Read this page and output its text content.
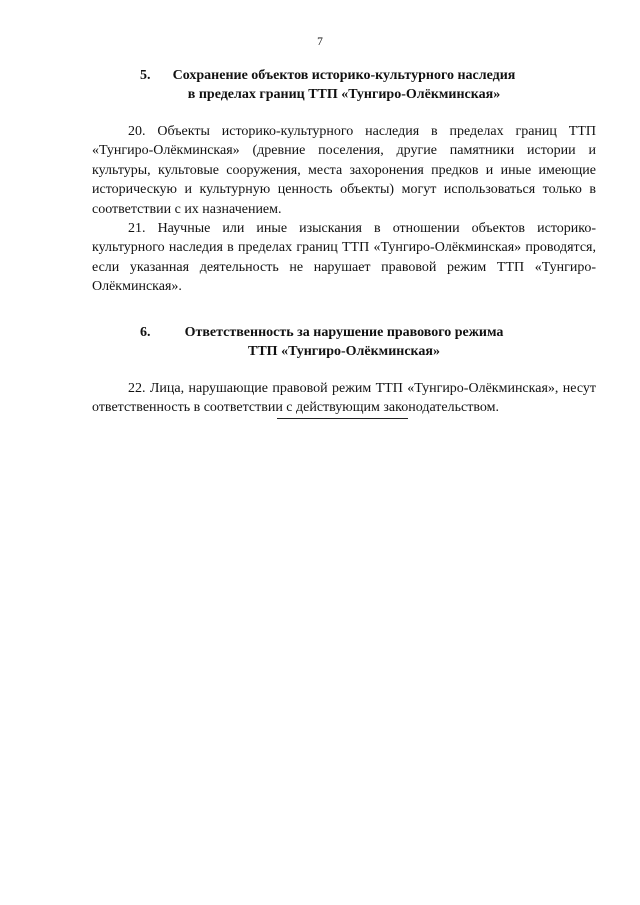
7
5.	Сохранение объектов историко-культурного наследия
в пределах границ ТТП «Тунгиро-Олёкминская»

20. Объекты историко-культурного наследия в пределах границ ТТП «Тунгиро-Олёкминская» (древние поселения, другие памятники истории и культуры, культовые сооружения, места захоронения предков и иные имеющие историческую и культурную ценность объекты) могут использоваться только в соответствии с их назначением.

21. Научные или иные изыскания в отношении объектов историко-культурного наследия в пределах границ ТТП «Тунгиро-Олёкминская» проводятся, если указанная деятельность не нарушает правовой режим ТТП «Тунгиро-Олёкминская».

6.	Ответственность за нарушение правового режима
ТТП «Тунгиро-Олёкминская»

22. Лица, нарушающие правовой режим ТТП «Тунгиро-Олёкминская», несут ответственность в соответствии с действующим законодательством.
